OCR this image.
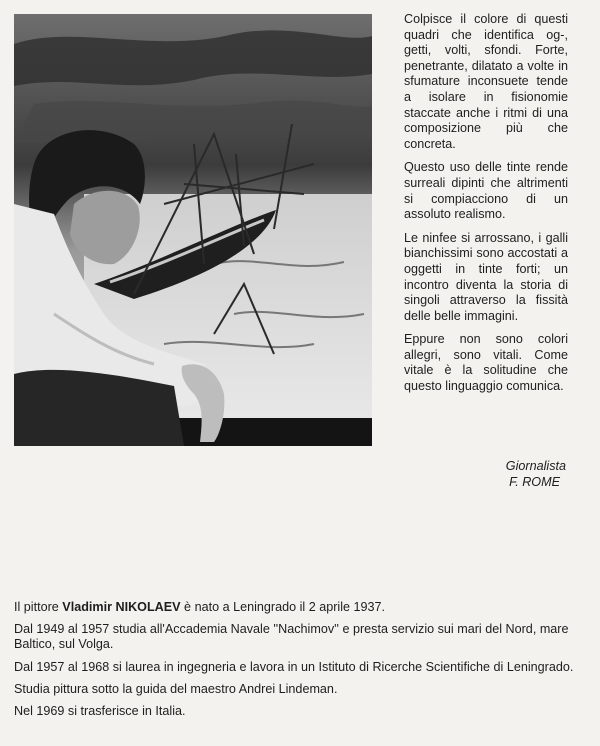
Colpisce il colore di questi quadri che identifica og-, getti, volti, sfondi. Forte, penetrante, dilatato a volte in sfumature inconsuete tende a isolare in fisionomie staccate anche i ritmi di una composizione più che concreta.

Questo uso delle tinte rende surreali dipinti che altrimenti si compiacciono di un assoluto realismo.

Le ninfee si arrossano, i galli bianchissimi sono accostati a oggetti in tinte forti; un incontro diventa la storia di singoli attraverso la fissità delle belle immagini.

Eppure non sono colori allegri, sono vitali. Come vitale è la solitudine che questo linguaggio comunica.

Giornalista
F. ROME

Il pittore Vladimir NIKOLAEV è nato a Leningrado il 2 aprile 1937.

Dal 1949 al 1957 studia all'Accademia Navale ''Nachimov'' e presta servizio sui mari del Nord, mare Baltico, sul Volga.

Dal 1957 al 1968 si laurea in ingegneria e lavora in un Istituto di Ricerche Scientifiche di Leningrado.

Studia pittura sotto la guida del maestro Andrei Lindeman.

Nel 1969 si trasferisce in Italia.
